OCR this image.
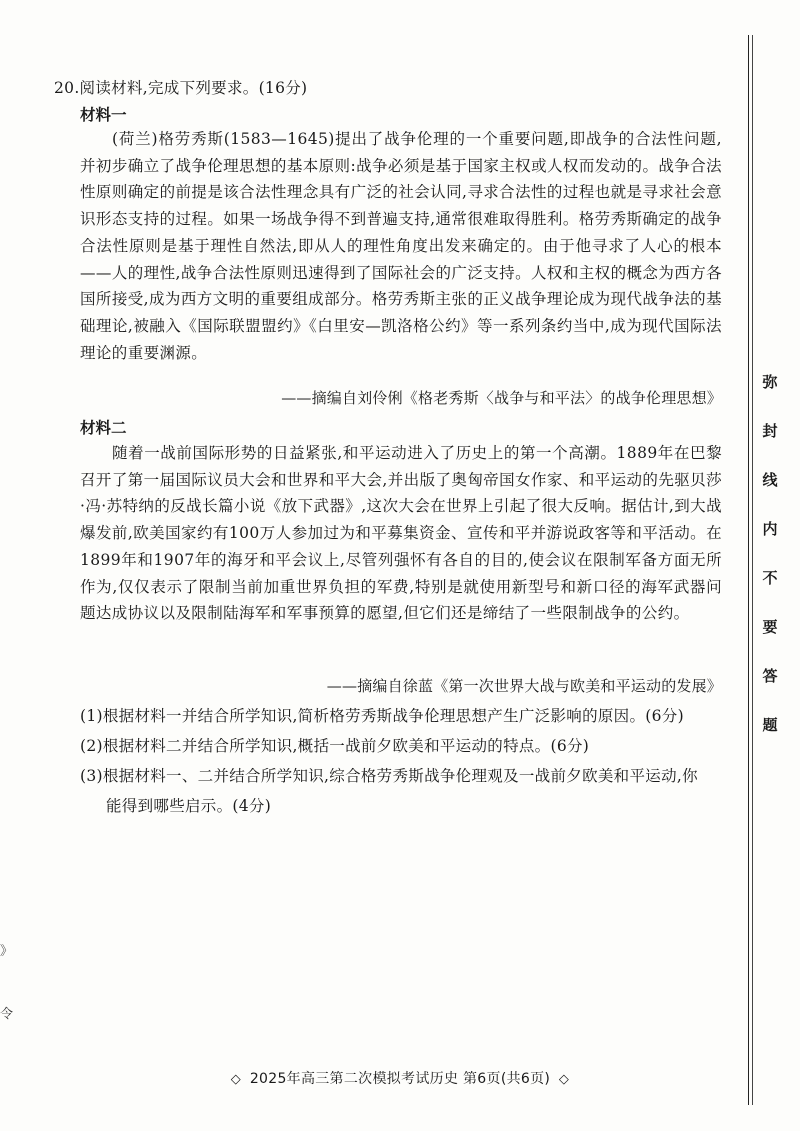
20.阅读材料,完成下列要求。(16分)
材料一

(荷兰)格劳秀斯(1583—1645)提出了战争伦理的一个重要问题,即战争的合法性问题,并初步确立了战争伦理思想的基本原则:战争必须是基于国家主权或人权而发动的。战争合法性原则确定的前提是该合法性理念具有广泛的社会认同,寻求合法性的过程也就是寻求社会意识形态支持的过程。如果一场战争得不到普遍支持,通常很难取得胜利。格劳秀斯确定的战争合法性原则是基于理性自然法,即从人的理性角度出发来确定的。由于他寻求了人心的根本——人的理性,战争合法性原则迅速得到了国际社会的广泛支持。人权和主权的概念为西方各国所接受,成为西方文明的重要组成部分。格劳秀斯主张的正义战争理论成为现代战争法的基础理论,被融入《国际联盟盟约》《白里安—凯洛格公约》等一系列条约当中,成为现代国际法理论的重要渊源。

——摘编自刘伶俐《格老秀斯〈战争与和平法〉的战争伦理思想》
材料二

随着一战前国际形势的日益紧张,和平运动进入了历史上的第一个高潮。1889年在巴黎召开了第一届国际议员大会和世界和平大会,并出版了奥匈帝国女作家、和平运动的先驱贝莎·冯·苏特纳的反战长篇小说《放下武器》,这次大会在世界上引起了很大反响。据估计,到大战爆发前,欧美国家约有100万人参加过为和平募集资金、宣传和平并游说政客等和平活动。在1899年和1907年的海牙和平会议上,尽管列强怀有各自的目的,使会议在限制军备方面无所作为,仅仅表示了限制当前加重世界负担的军费,特别是就使用新型号和新口径的海军武器问题达成协议以及限制陆海军和军事预算的愿望,但它们还是缔结了一些限制战争的公约。

——摘编自徐蓝《第一次世界大战与欧美和平运动的发展》
(1)根据材料一并结合所学知识,简析格劳秀斯战争伦理思想产生广泛影响的原因。(6分)
(2)根据材料二并结合所学知识,概括一战前夕欧美和平运动的特点。(6分)
(3)根据材料一、二并结合所学知识,综合格劳秀斯战争伦理观及一战前夕欧美和平运动,你
能得到哪些启示。(4分)
◇ 2025年高三第二次模拟考试历史 第6页(共6页) ◇
弥
封
线
内
不
要
答
题
》
令
